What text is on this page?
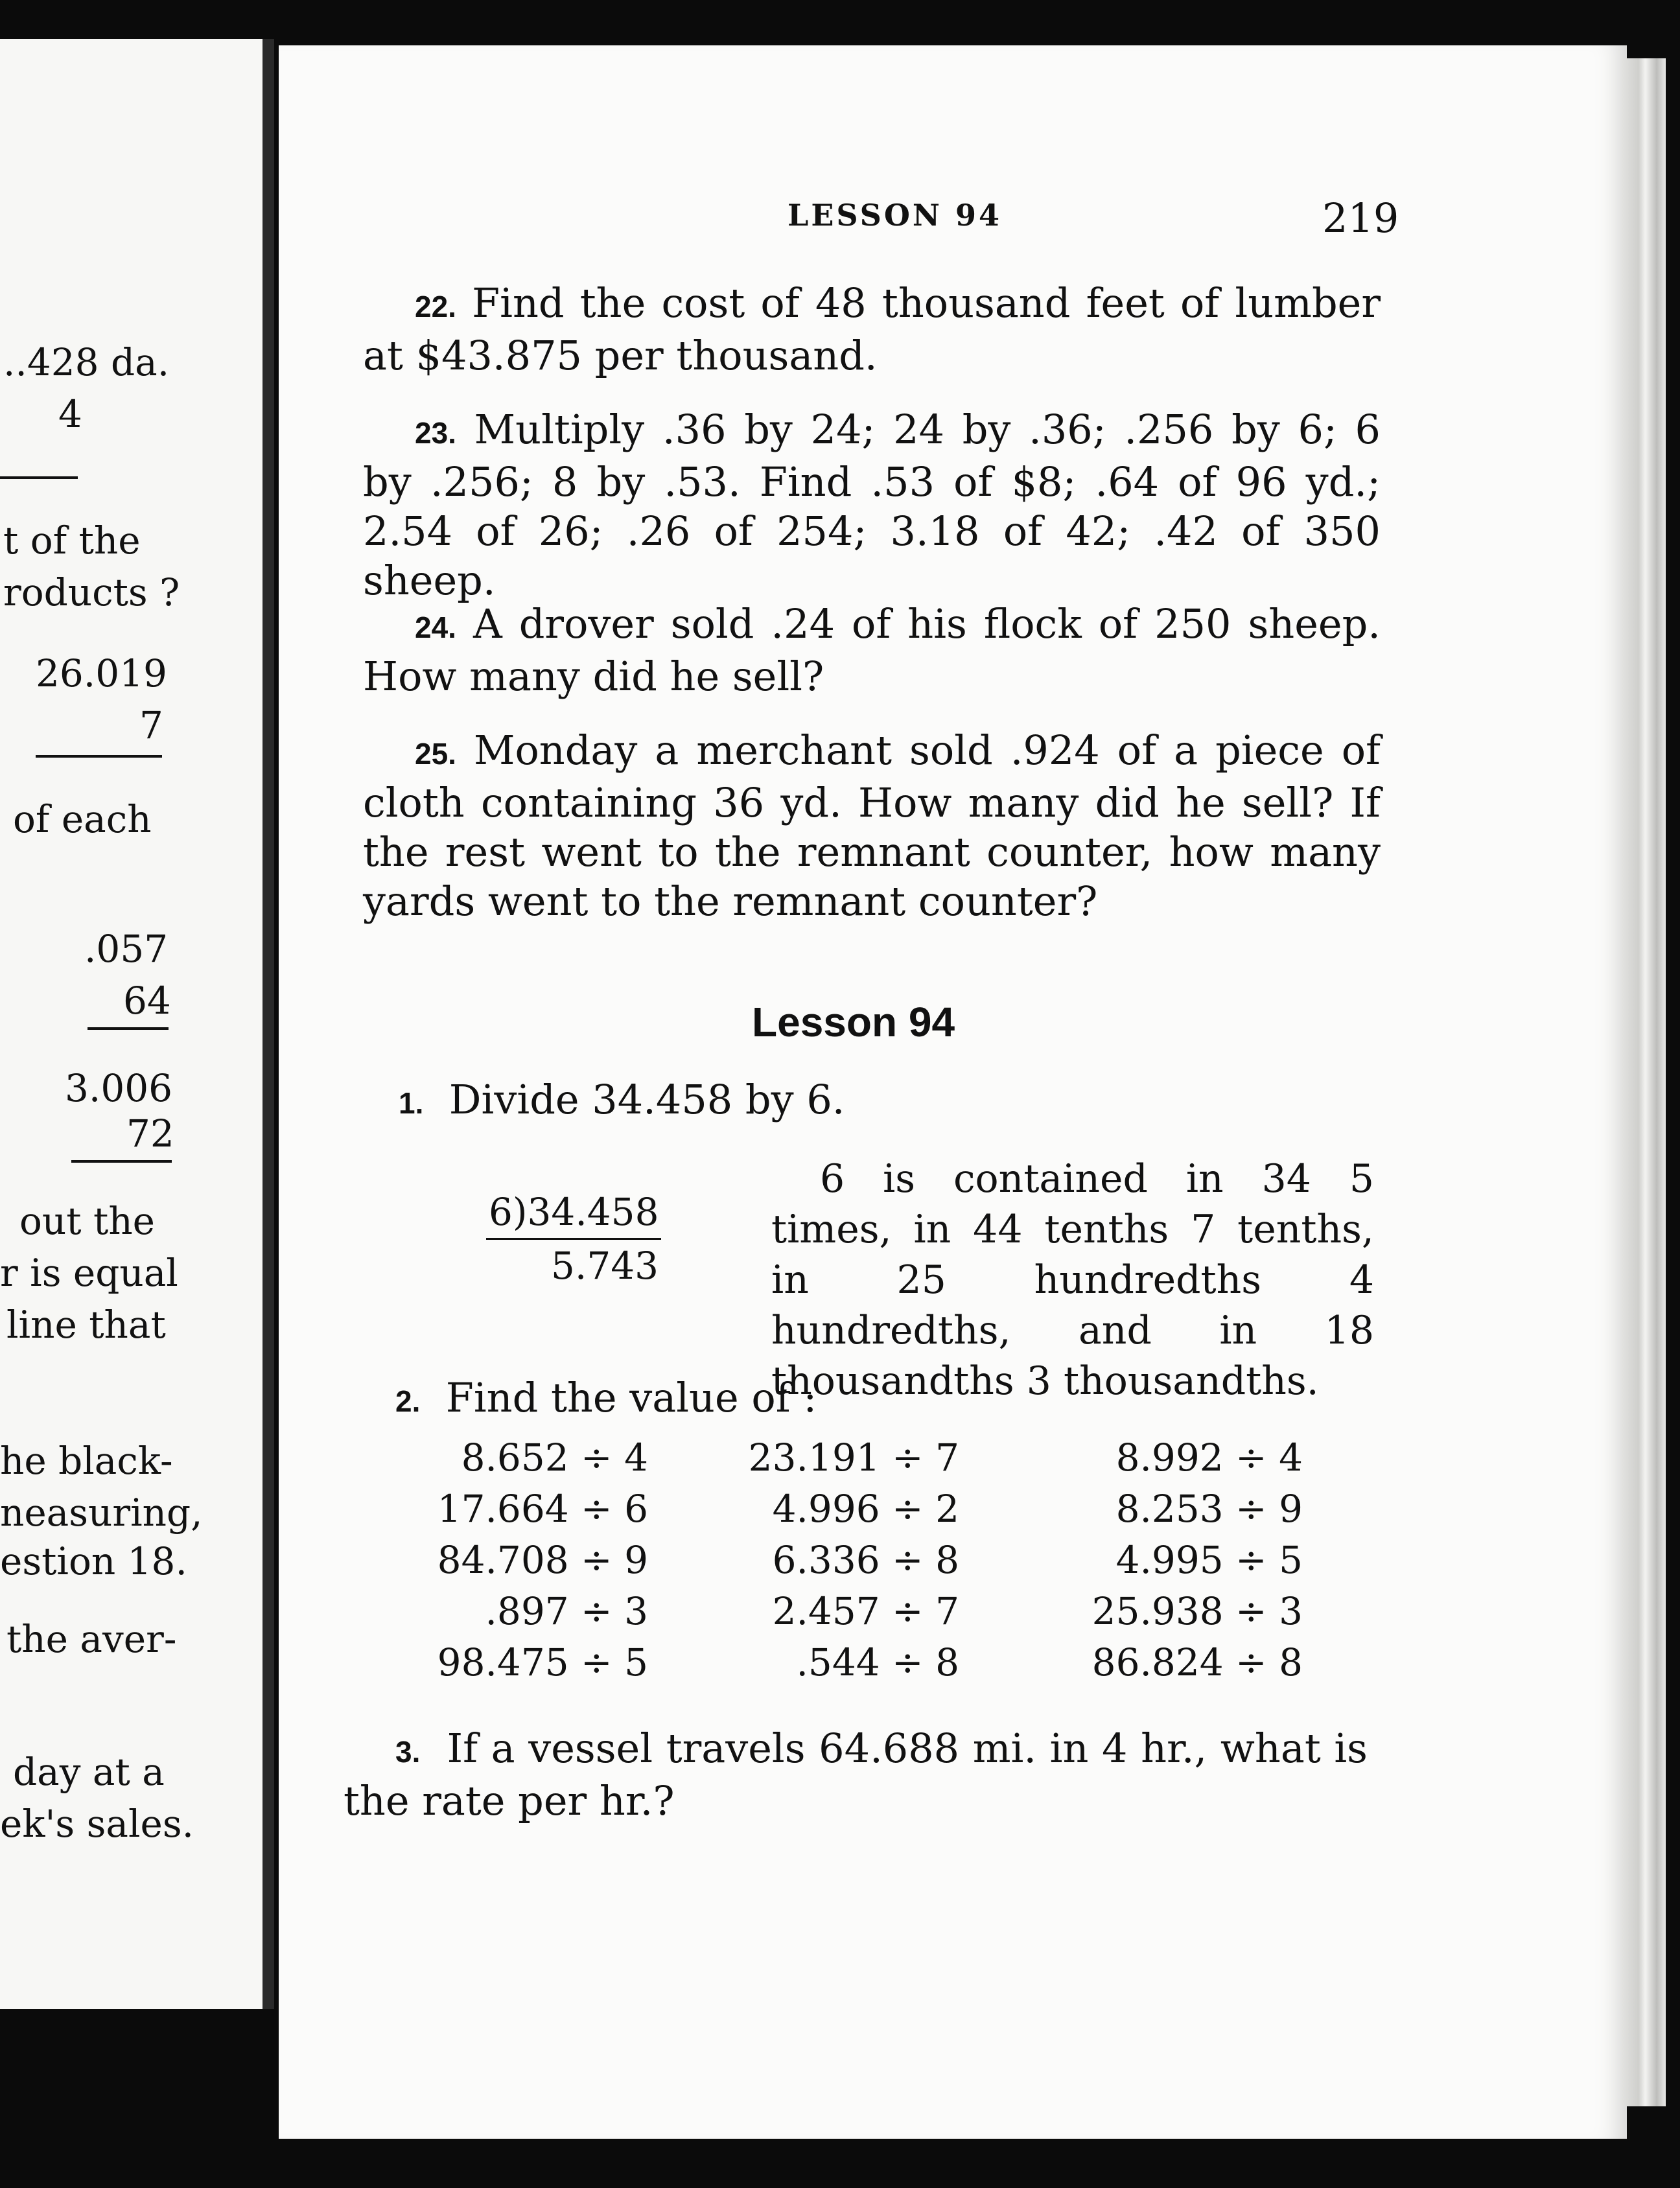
..428 da.
4
t of the
roducts ?
26.019
7
of each
.057
64
3.006
72
out the
r is equal
line that
he black-
neasuring,
estion 18.
the aver-
day at a
ek's sales.
LESSON 94	219
22. Find the cost of 48 thousand feet of lumber at $43.875 per thousand.
23. Multiply .36 by 24; 24 by .36; .256 by 6; 6 by .256; 8 by .53. Find .53 of $8; .64 of 96 yd.; 2.54 of 26; .26 of 254; 3.18 of 42; .42 of 350 sheep.
24. A drover sold .24 of his flock of 250 sheep. How many did he sell?
25. Monday a merchant sold .924 of a piece of cloth containing 36 yd. How many did he sell? If the rest went to the remnant counter, how many yards went to the remnant counter?
Lesson 94
1. Divide 34.458 by 6.
6)34.458
5.743
6 is contained in 34 5 times, in 44 tenths 7 tenths, in 25 hundredths 4 hundredths, and in 18 thousandths 3 thousandths.
2. Find the value of :
8.652 ÷ 4
17.664 ÷ 6
84.708 ÷ 9
.897 ÷ 3
98.475 ÷ 5
23.191 ÷ 7
4.996 ÷ 2
6.336 ÷ 8
2.457 ÷ 7
.544 ÷ 8
8.992 ÷ 4
8.253 ÷ 9
4.995 ÷ 5
25.938 ÷ 3
86.824 ÷ 8
3. If a vessel travels 64.688 mi. in 4 hr., what is the rate per hr.?
